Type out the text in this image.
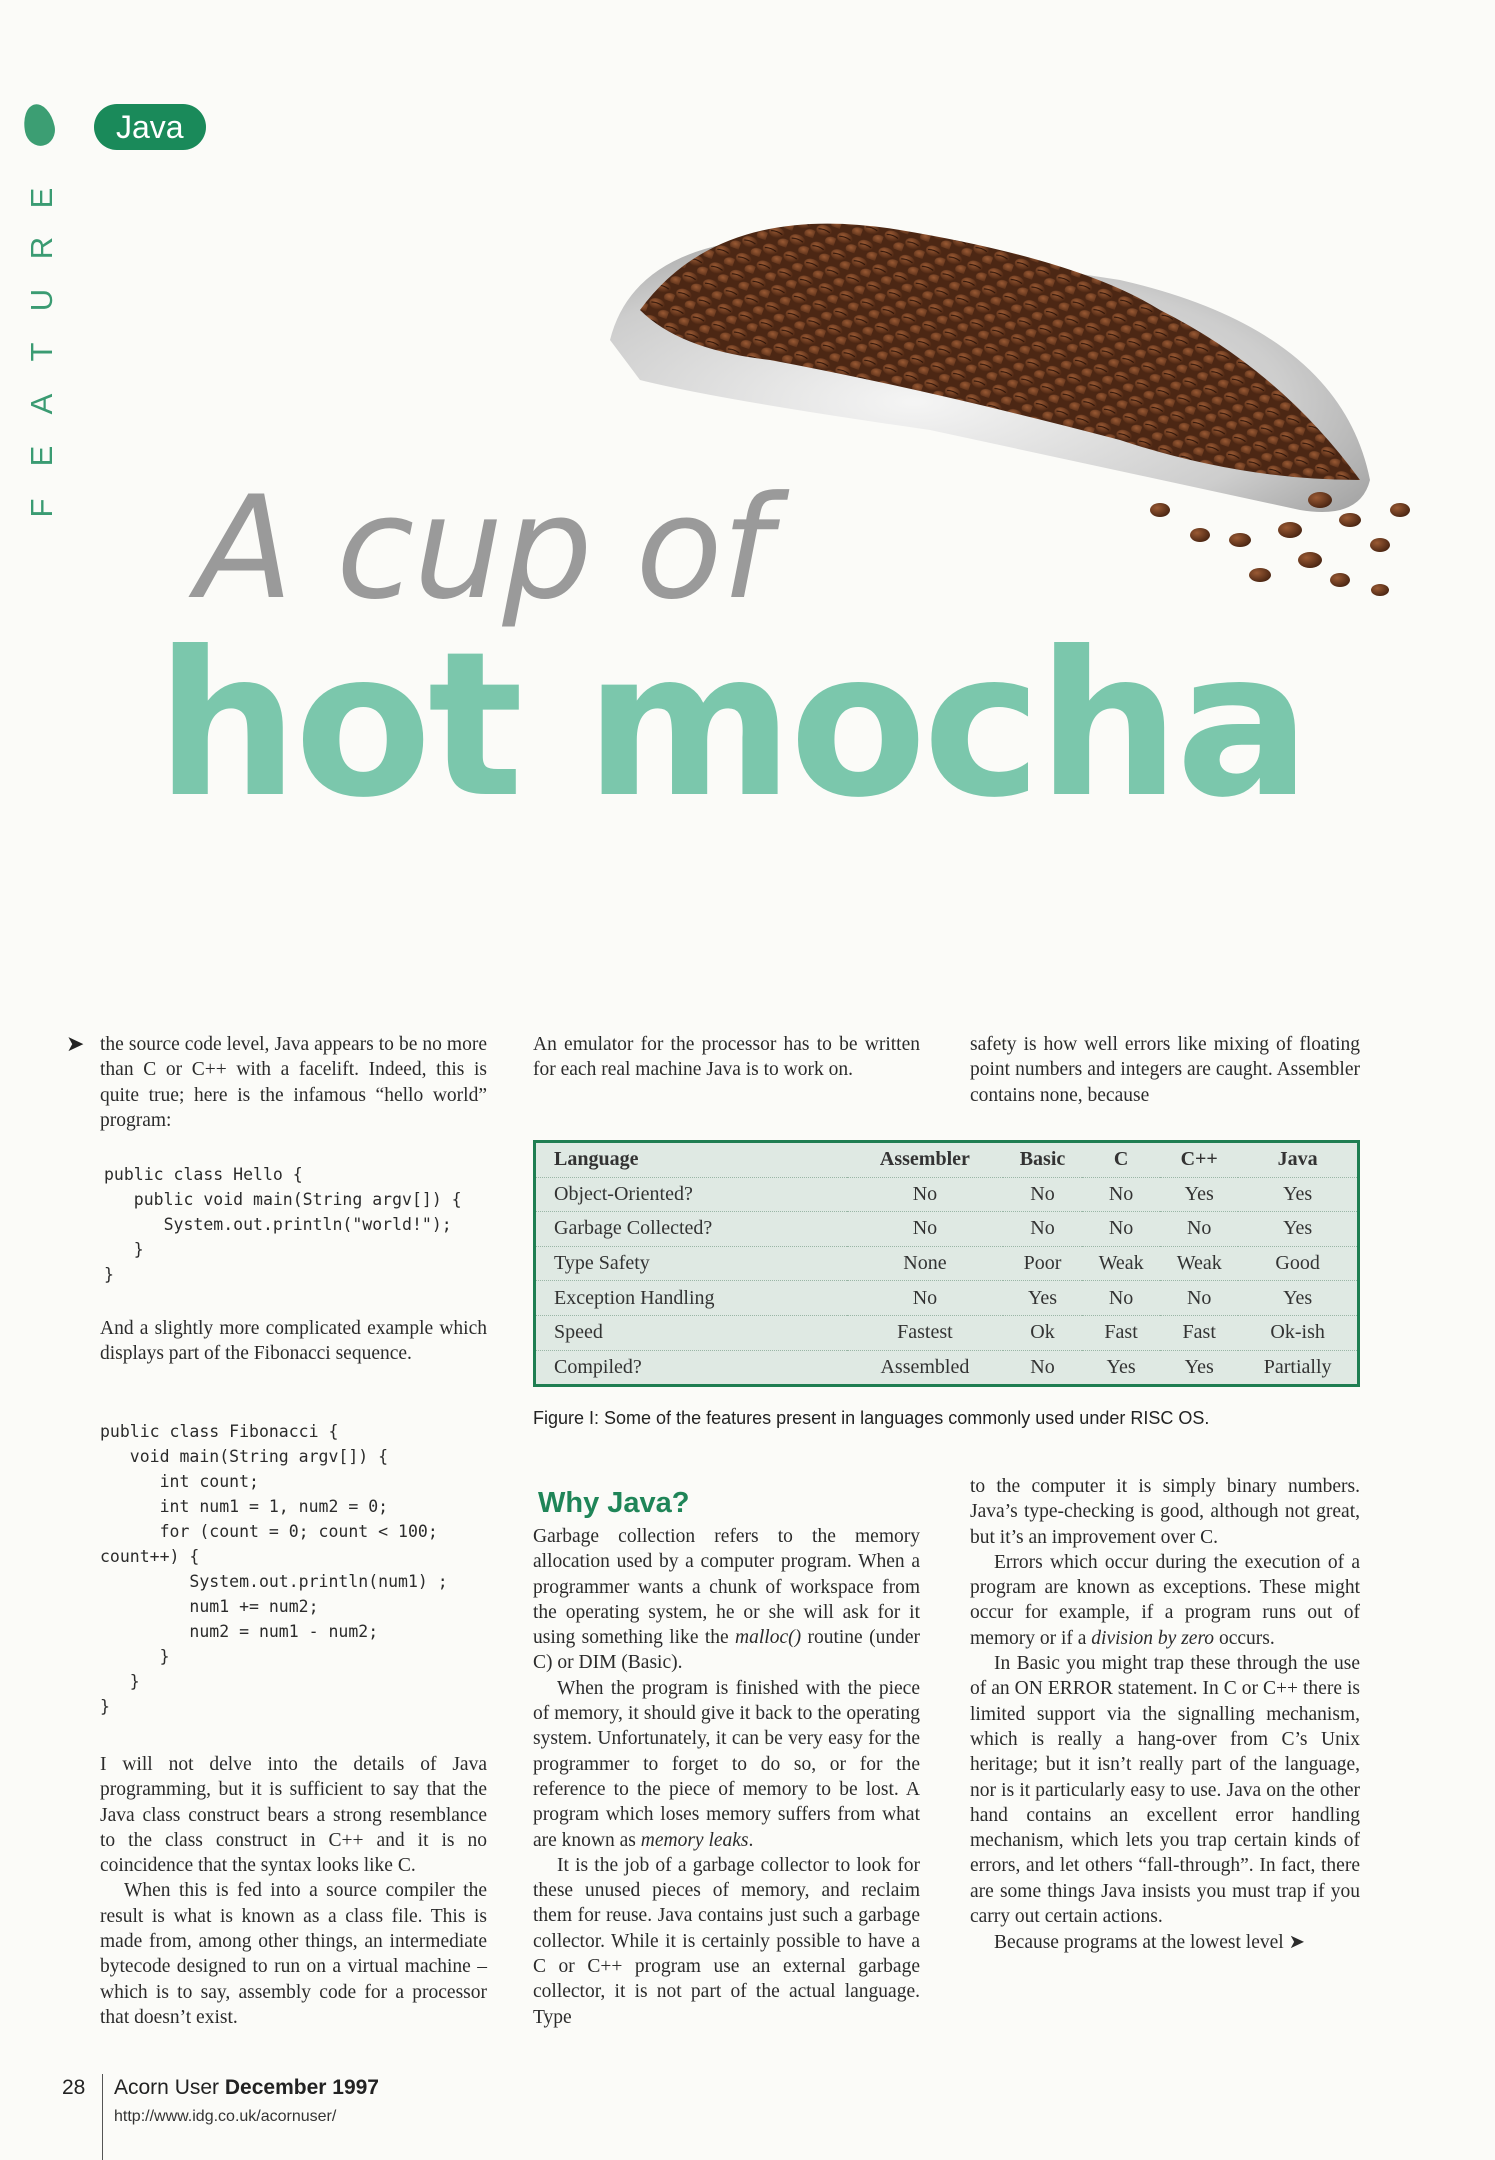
E
R
U
T
A
E
F
Java
A cup of
hot mocha
➤ the source code level, Java appears to be no more than C or C++ with a facelift. Indeed, this is quite true; here is the infamous “hello world” program:

public class Hello {
public void main(String argv[]) {
System.out.println("world!");
}
}

And a slightly more complicated example which displays part of the Fibonacci sequence.

public class Fibonacci {
void main(String argv[]) {
int count;
int num1 = 1, num2 = 0;
for (count = 0; count < 100;
count++) {
System.out.println(num1) ;
num1 += num2;
num2 = num1 - num2;
}
}
}

I will not delve into the details of Java programming, but it is sufficient to say that the Java class construct bears a strong resemblance to the class construct in C++ and it is no coincidence that the syntax looks like C.

When this is fed into a source compiler the result is what is known as a class file. This is made from, among other things, an intermediate bytecode designed to run on a virtual machine – which is to say, assembly code for a processor that doesn’t exist.

An emulator for the processor has to be written for each real machine Java is to work on.

safety is how well errors like mixing of floating point numbers and integers are caught. Assembler contains none, because

Language	Assembler	Basic	C	C++	Java
Object-Oriented?	No	No	No	Yes	Yes
Garbage Collected?	No	No	No	No	Yes
Type Safety	None	Poor	Weak	Weak	Good
Exception Handling	No	Yes	No	No	Yes
Speed	Fastest	Ok	Fast	Fast	Ok-ish
Compiled?	Assembled	No	Yes	Yes	Partially
Figure I: Some of the features present in languages commonly used under RISC OS.
Why Java?

Garbage collection refers to the memory allocation used by a computer program. When a programmer wants a chunk of workspace from the operating system, he or she will ask for it using something like the malloc() routine (under C) or DIM (Basic).

When the program is finished with the piece of memory, it should give it back to the operating system. Unfortunately, it can be very easy for the programmer to forget to do so, or for the reference to the piece of memory to be lost. A program which loses memory suffers from what are known as memory leaks.

It is the job of a garbage collector to look for these unused pieces of memory, and reclaim them for reuse. Java contains just such a garbage collector. While it is certainly possible to have a C or C++ program use an external garbage collector, it is not part of the actual language. Type

to the computer it is simply binary numbers. Java’s type-checking is good, although not great, but it’s an improvement over C.

Errors which occur during the execution of a program are known as exceptions. These might occur for example, if a program runs out of memory or if a division by zero occurs.

In Basic you might trap these through the use of an ON ERROR statement. In C or C++ there is limited support via the signalling mechanism, which is really a hang-over from C’s Unix heritage; but it isn’t really part of the language, nor is it particularly easy to use. Java on the other hand contains an excellent error handling mechanism, which lets you trap certain kinds of errors, and let others “fall-through”. In fact, there are some things Java insists you must trap if you carry out certain actions.

Because programs at the lowest level ➤

28 Acorn User December 1997
http://www.idg.co.uk/acornuser/
